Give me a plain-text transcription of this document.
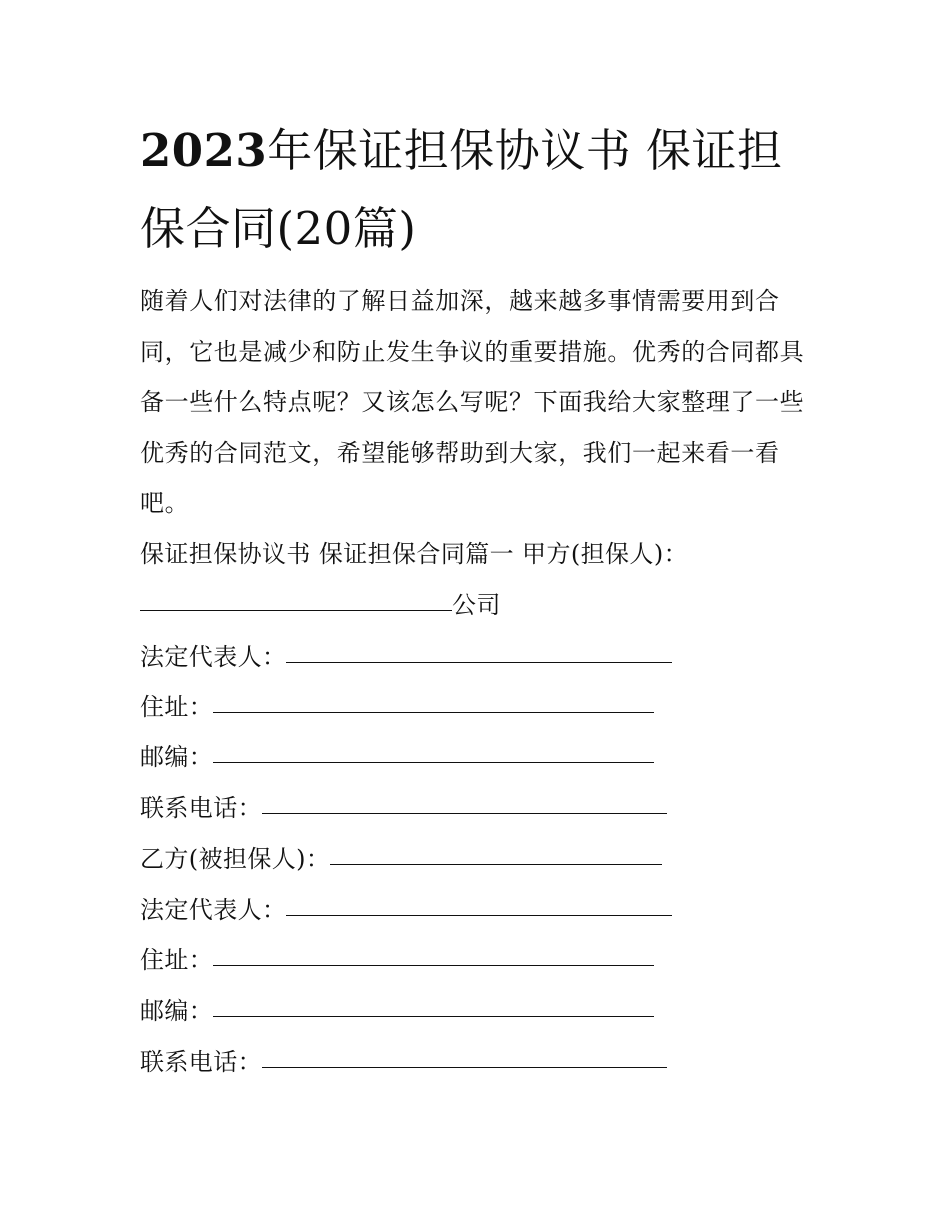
2023年保证担保协议书 保证担保合同(20篇)

随着人们对法律的了解日益加深，越来越多事情需要用到合同，它也是减少和防止发生争议的重要措施。优秀的合同都具备一些什么特点呢？又该怎么写呢？下面我给大家整理了一些优秀的合同范文，希望能够帮助到大家，我们一起来看一看吧。

保证担保协议书 保证担保合同篇一 甲方(担保人)：
公司
法定代表人：
住址：
邮编：
联系电话：
乙方(被担保人)：
法定代表人：
住址：
邮编：
联系电话：
